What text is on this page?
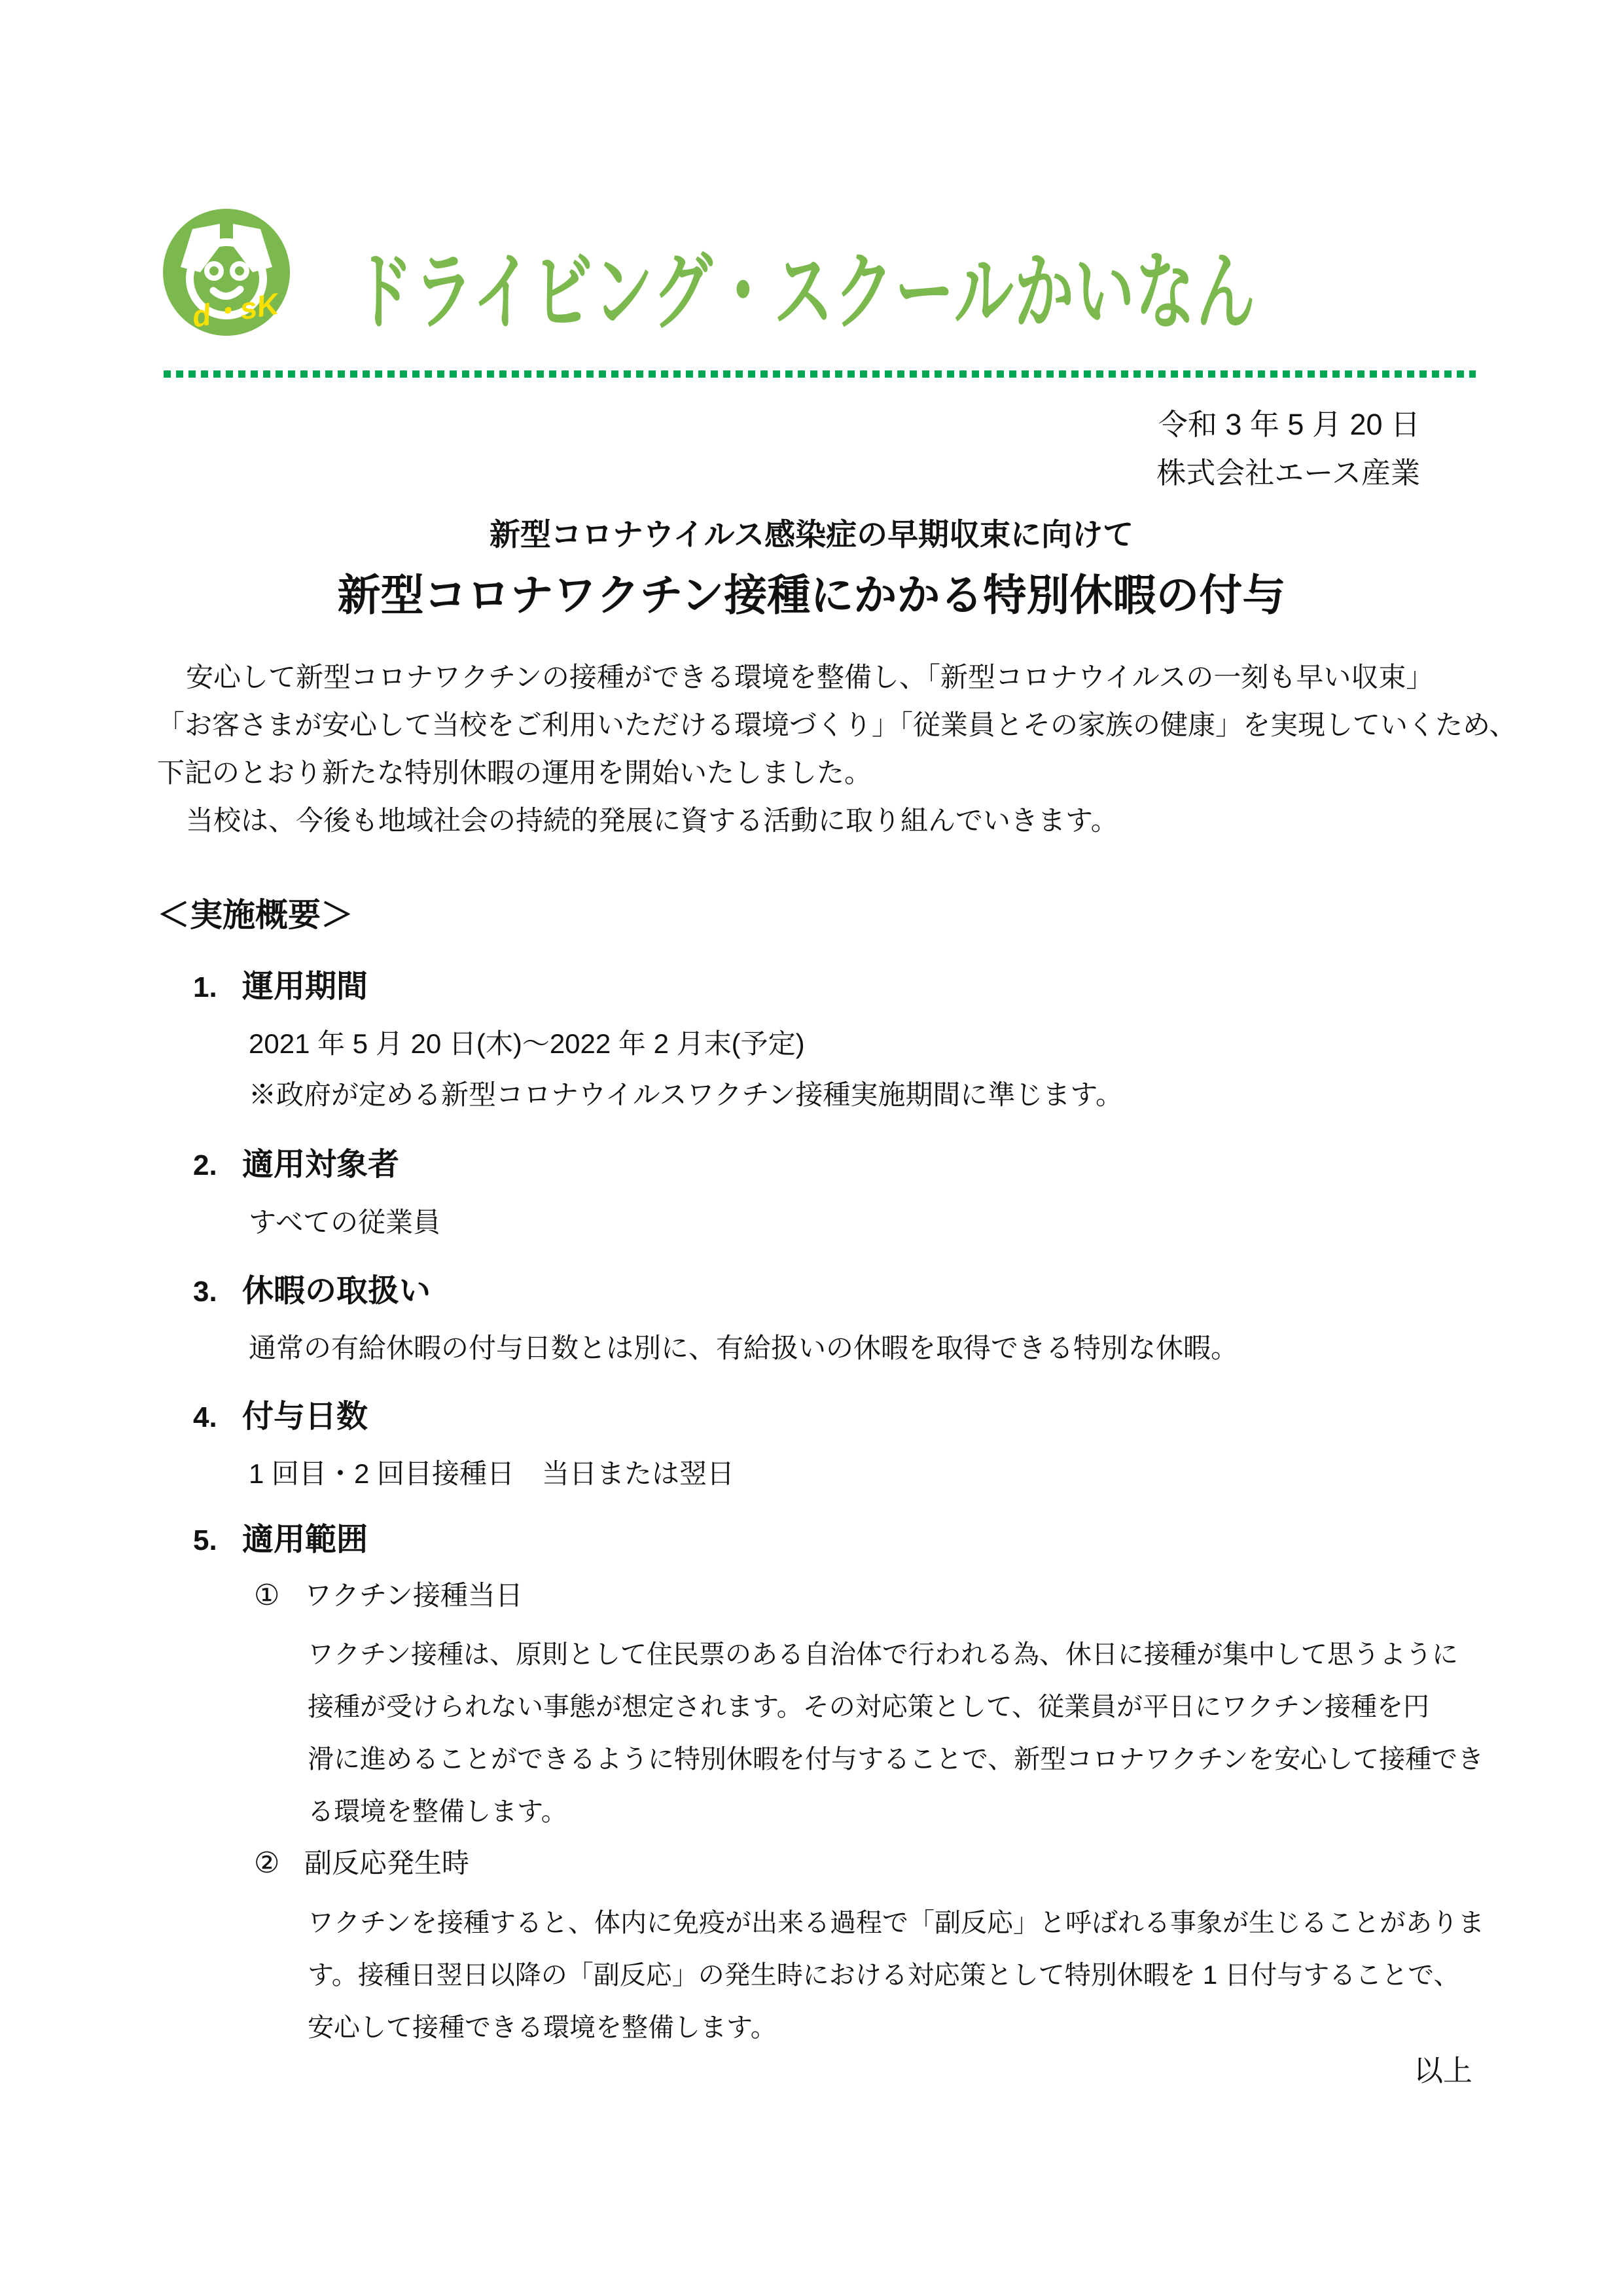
d・sK ドライビング・スクールかいなん
令和 3 年 5 月 20 日
株式会社エース産業
新型コロナウイルス感染症の早期収束に向けて
新型コロナワクチン接種にかかる特別休暇の付与
安心して新型コロナワクチンの接種ができる環境を整備し、「新型コロナウイルスの一刻も早い収束」
「お客さまが安心して当校をご利用いただける環境づくり」「従業員とその家族の健康」を実現していくため、
下記のとおり新たな特別休暇の運用を開始いたしました。
当校は、今後も地域社会の持続的発展に資する活動に取り組んでいきます。
＜実施概要＞
1. 運用期間
2021 年 5 月 20 日(木)～2022 年 2 月末(予定)
※政府が定める新型コロナウイルスワクチン接種実施期間に準じます。
2. 適用対象者
すべての従業員
3. 休暇の取扱い
通常の有給休暇の付与日数とは別に、有給扱いの休暇を取得できる特別な休暇。
4. 付与日数
1 回目・2 回目接種日　当日または翌日
5. 適用範囲
① ワクチン接種当日
ワクチン接種は、原則として住民票のある自治体で行われる為、休日に接種が集中して思うように
接種が受けられない事態が想定されます。その対応策として、従業員が平日にワクチン接種を円
滑に進めることができるように特別休暇を付与することで、新型コロナワクチンを安心して接種でき
る環境を整備します。
② 副反応発生時
ワクチンを接種すると、体内に免疫が出来る過程で「副反応」と呼ばれる事象が生じることがありま
す。接種日翌日以降の「副反応」の発生時における対応策として特別休暇を 1 日付与することで、
安心して接種できる環境を整備します。
以上
